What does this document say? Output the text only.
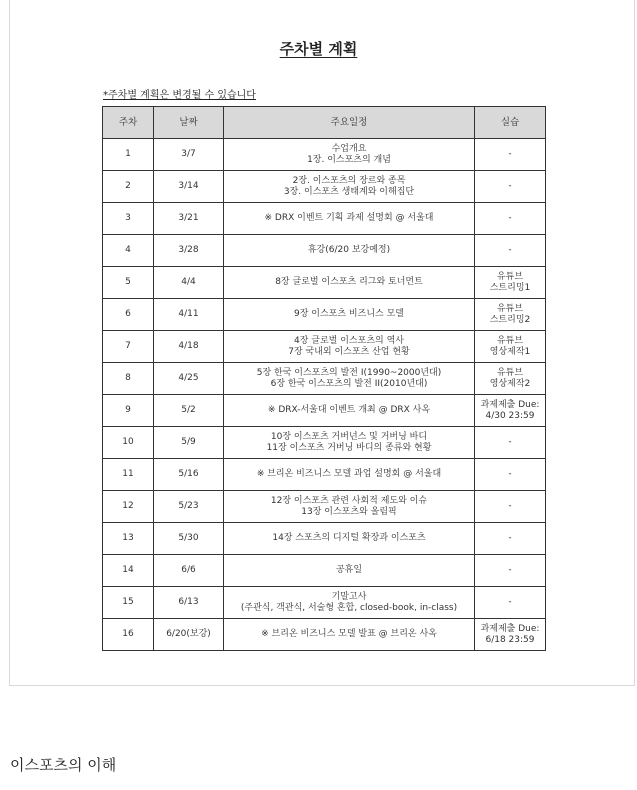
주차별 계획
*주차별 계획은 변경될 수 있습니다
주차	날짜	주요일정	실습
1	3/7	수업개요
1장. 이스포츠의 개념	-

2	3/14	2장. 이스포츠의 장르와 종목
3장. 이스포츠 생태계와 이해집단	-

3	3/21	※ DRX 이벤트 기획 과제 설명회 @ 서울대	-

4	3/28	휴강(6/20 보강예정)	-

5	4/4	8장 글로벌 이스포츠 리그와 토너먼트	유튜브
스트리밍1

6	4/11	9장 이스포츠 비즈니스 모델	유튜브
스트리밍2

7	4/18	4장 글로벌 이스포츠의 역사
7장 국내외 이스포츠 산업 현황	유튜브
영상제작1

8	4/25	5장 한국 이스포츠의 발전 I(1990~2000년대)
6장 한국 이스포츠의 발전 II(2010년대)	유튜브
영상제작2

9	5/2	※ DRX-서울대 이벤트 개최 @ DRX 사옥	과제제출 Due:
4/30 23:59

10	5/9	10장 이스포츠 거버넌스 및 거버닝 바디
11장 이스포츠 거버닝 바디의 종류와 현황	-

11	5/16	※ 브리온 비즈니스 모델 과업 설명회 @ 서울대	-

12	5/23	12장 이스포츠 관련 사회적 제도와 이슈
13장 이스포츠와 올림픽	-

13	5/30	14장 스포츠의 디지털 확장과 이스포츠	-

14	6/6	공휴일	-

15	6/13	기말고사
(주관식, 객관식, 서술형 혼합, closed-book, in-class)	-

16	6/20(보강)	※ 브리온 비즈니스 모델 발표 @ 브리온 사옥	과제제출 Due:
6/18 23:59
이스포츠의 이해
